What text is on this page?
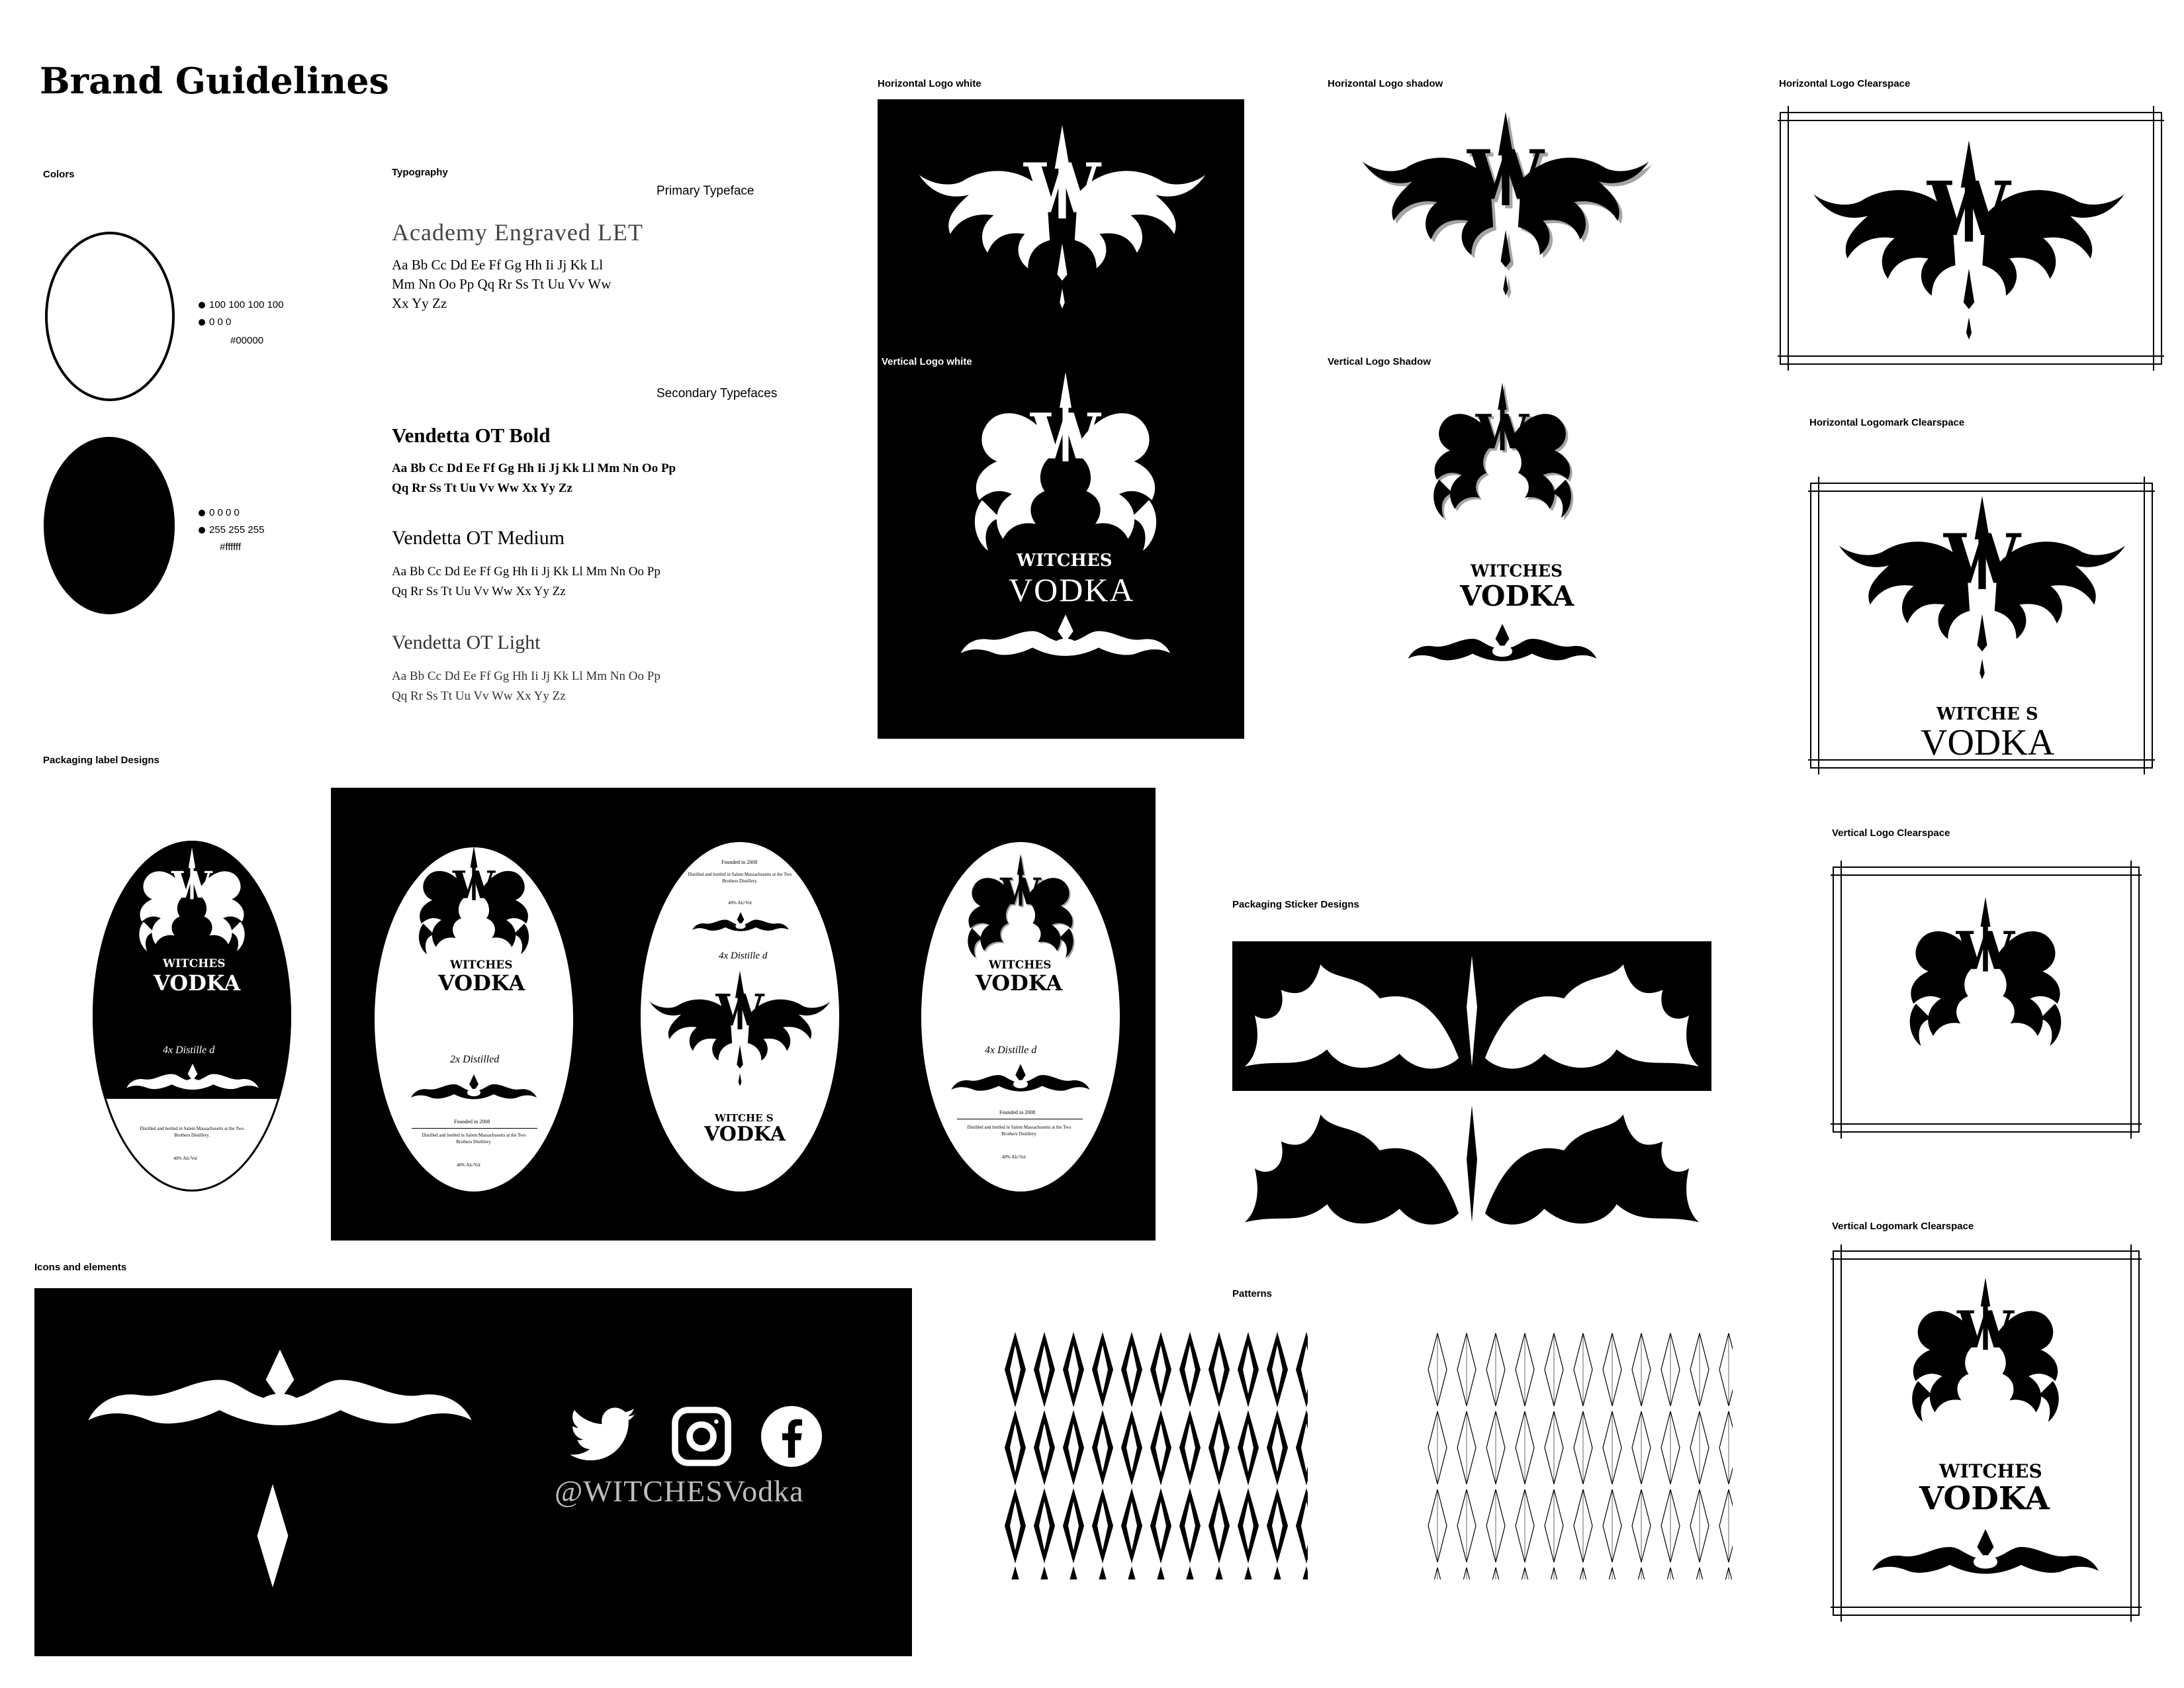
Brand Guidelines
Colors
100 100 100 100
0 0 0
#00000
0 0 0 0
255 255 255
#ffffff
Typography
Primary Typeface
Academy Engraved LET
Aa Bb Cc Dd Ee Ff Gg Hh Ii Jj Kk Ll
Mm Nn Oo Pp Qq Rr Ss Tt Uu Vv Ww
Xx Yy Zz
Secondary Typefaces
Vendetta OT Bold
Aa Bb Cc Dd Ee Ff Gg Hh Ii Jj Kk Ll Mm Nn Oo Pp
Qq Rr Ss Tt Uu Vv Ww Xx Yy Zz
Vendetta OT Medium
Aa Bb Cc Dd Ee Ff Gg Hh Ii Jj Kk Ll Mm Nn Oo Pp
Qq Rr Ss Tt Uu Vv Ww Xx Yy Zz
Vendetta OT Light
Aa Bb Cc Dd Ee Ff Gg Hh Ii Jj Kk Ll Mm Nn Oo Pp
Qq Rr Ss Tt Uu Vv Ww Xx Yy Zz
Horizontal Logo white
Vertical Logo white
WITCHES
VODKA
Horizontal Logo shadow
Vertical Logo Shadow
WITCHES
VODKA
Horizontal Logo Clearspace
Horizontal Logomark Clearspace
WITCHE S
VODKA
Vertical Logo Clearspace
Vertical Logomark Clearspace
WITCHES
VODKA
Packaging label Designs
WITCHES
VODKA
4x Distille d
Founded in 2008
Distilled and bottled in Salem Massachusetts at the Two Brothers Distillery.
40% Alc/Vol
WITCHES
VODKA
2x Distilled
Founded in 2008
Distilled and bottled in Salem Massachusetts at the Two Brothers Distillery.
40% Alc/Vol
Founded in 2008
Distilled and bottled in Salem Massachusetts at the Two Brothers Distillery.
40% Alc/Vol
4x Distille d
WITCHE S
VODKA
WITCHES
VODKA
4x Distille d
Founded in 2008
Distilled and bottled in Salem Massachusetts at the Two Brothers Distillery.
40% Alc/Vol
Packaging Sticker Designs
Icons and elements
@WITCHESVodka
Patterns
